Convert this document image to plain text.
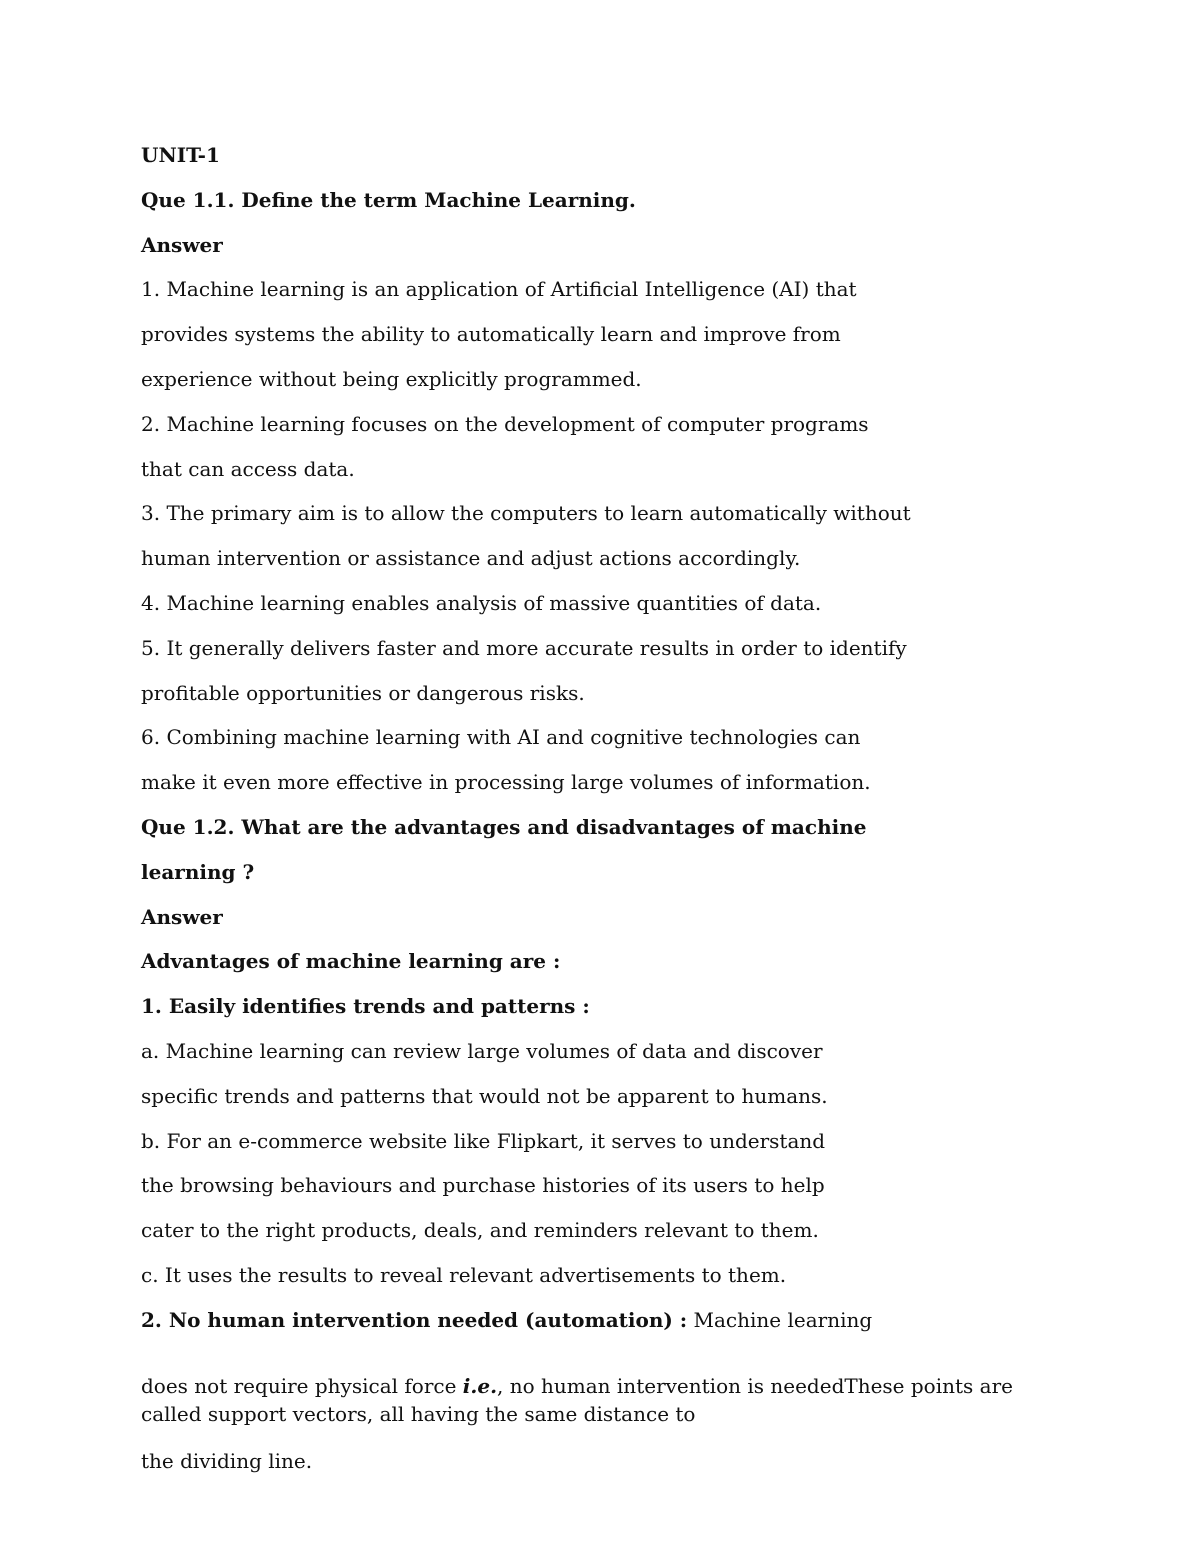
UNIT-1

Que 1.1. Define the term Machine Learning.

Answer

1. Machine learning is an application of Artificial Intelligence (AI) that

provides systems the ability to automatically learn and improve from

experience without being explicitly programmed.

2. Machine learning focuses on the development of computer programs

that can access data.

3. The primary aim is to allow the computers to learn automatically without

human intervention or assistance and adjust actions accordingly.

4. Machine learning enables analysis of massive quantities of data.

5. It generally delivers faster and more accurate results in order to identify

profitable opportunities or dangerous risks.

6. Combining machine learning with AI and cognitive technologies can

make it even more effective in processing large volumes of information.

Que 1.2. What are the advantages and disadvantages of machine

learning ?

Answer

Advantages of machine learning are :

1. Easily identifies trends and patterns :

a. Machine learning can review large volumes of data and discover

specific trends and patterns that would not be apparent to humans.

b. For an e-commerce website like Flipkart, it serves to understand

the browsing behaviours and purchase histories of its users to help

cater to the right products, deals, and reminders relevant to them.

c. It uses the results to reveal relevant advertisements to them.

2. No human intervention needed (automation) : Machine learning

does not require physical force i.e., no human intervention is neededThese points are called support vectors, all having the same distance to

the dividing line.
